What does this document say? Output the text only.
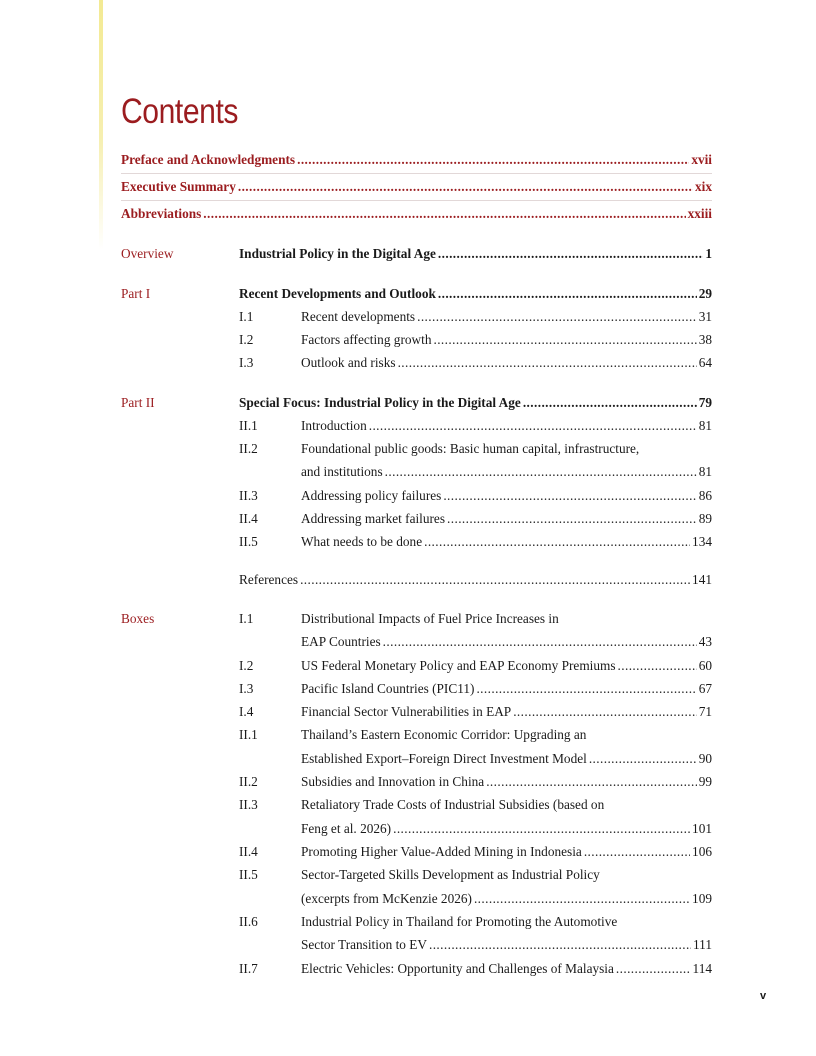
Contents
Preface and Acknowledgments .....	xvii
Executive Summary .....	xix
Abbreviations .....	xxiii
Overview	Industrial Policy in the Digital Age .....	1
Part I	Recent Developments and Outlook .....	29
I.1	Recent developments .....	31
I.2	Factors affecting growth .....	38
I.3	Outlook and risks .....	64
Part II	Special Focus: Industrial Policy in the Digital Age .....	79
II.1	Introduction .....	81
II.2	Foundational public goods: Basic human capital, infrastructure,
and institutions .....	81
II.3	Addressing policy failures .....	86
II.4	Addressing market failures .....	89
II.5	What needs to be done .....	134
References .....	141
Boxes	I.1	Distributional Impacts of Fuel Price Increases in
EAP Countries .....	43
I.2	US Federal Monetary Policy and EAP Economy Premiums .....	60
I.3	Pacific Island Countries (PIC11) .....	67
I.4	Financial Sector Vulnerabilities in EAP .....	71
II.1	Thailand’s Eastern Economic Corridor: Upgrading an
Established Export–Foreign Direct Investment Model .....	90
II.2	Subsidies and Innovation in China .....	99
II.3	Retaliatory Trade Costs of Industrial Subsidies (based on
Feng et al. 2026) .....	101
II.4	Promoting Higher Value-Added Mining in Indonesia .....	106
II.5	Sector-Targeted Skills Development as Industrial Policy
(excerpts from McKenzie 2026) .....	109
II.6	Industrial Policy in Thailand for Promoting the Automotive
Sector Transition to EV .....	111
II.7	Electric Vehicles: Opportunity and Challenges of Malaysia .....	114
v
